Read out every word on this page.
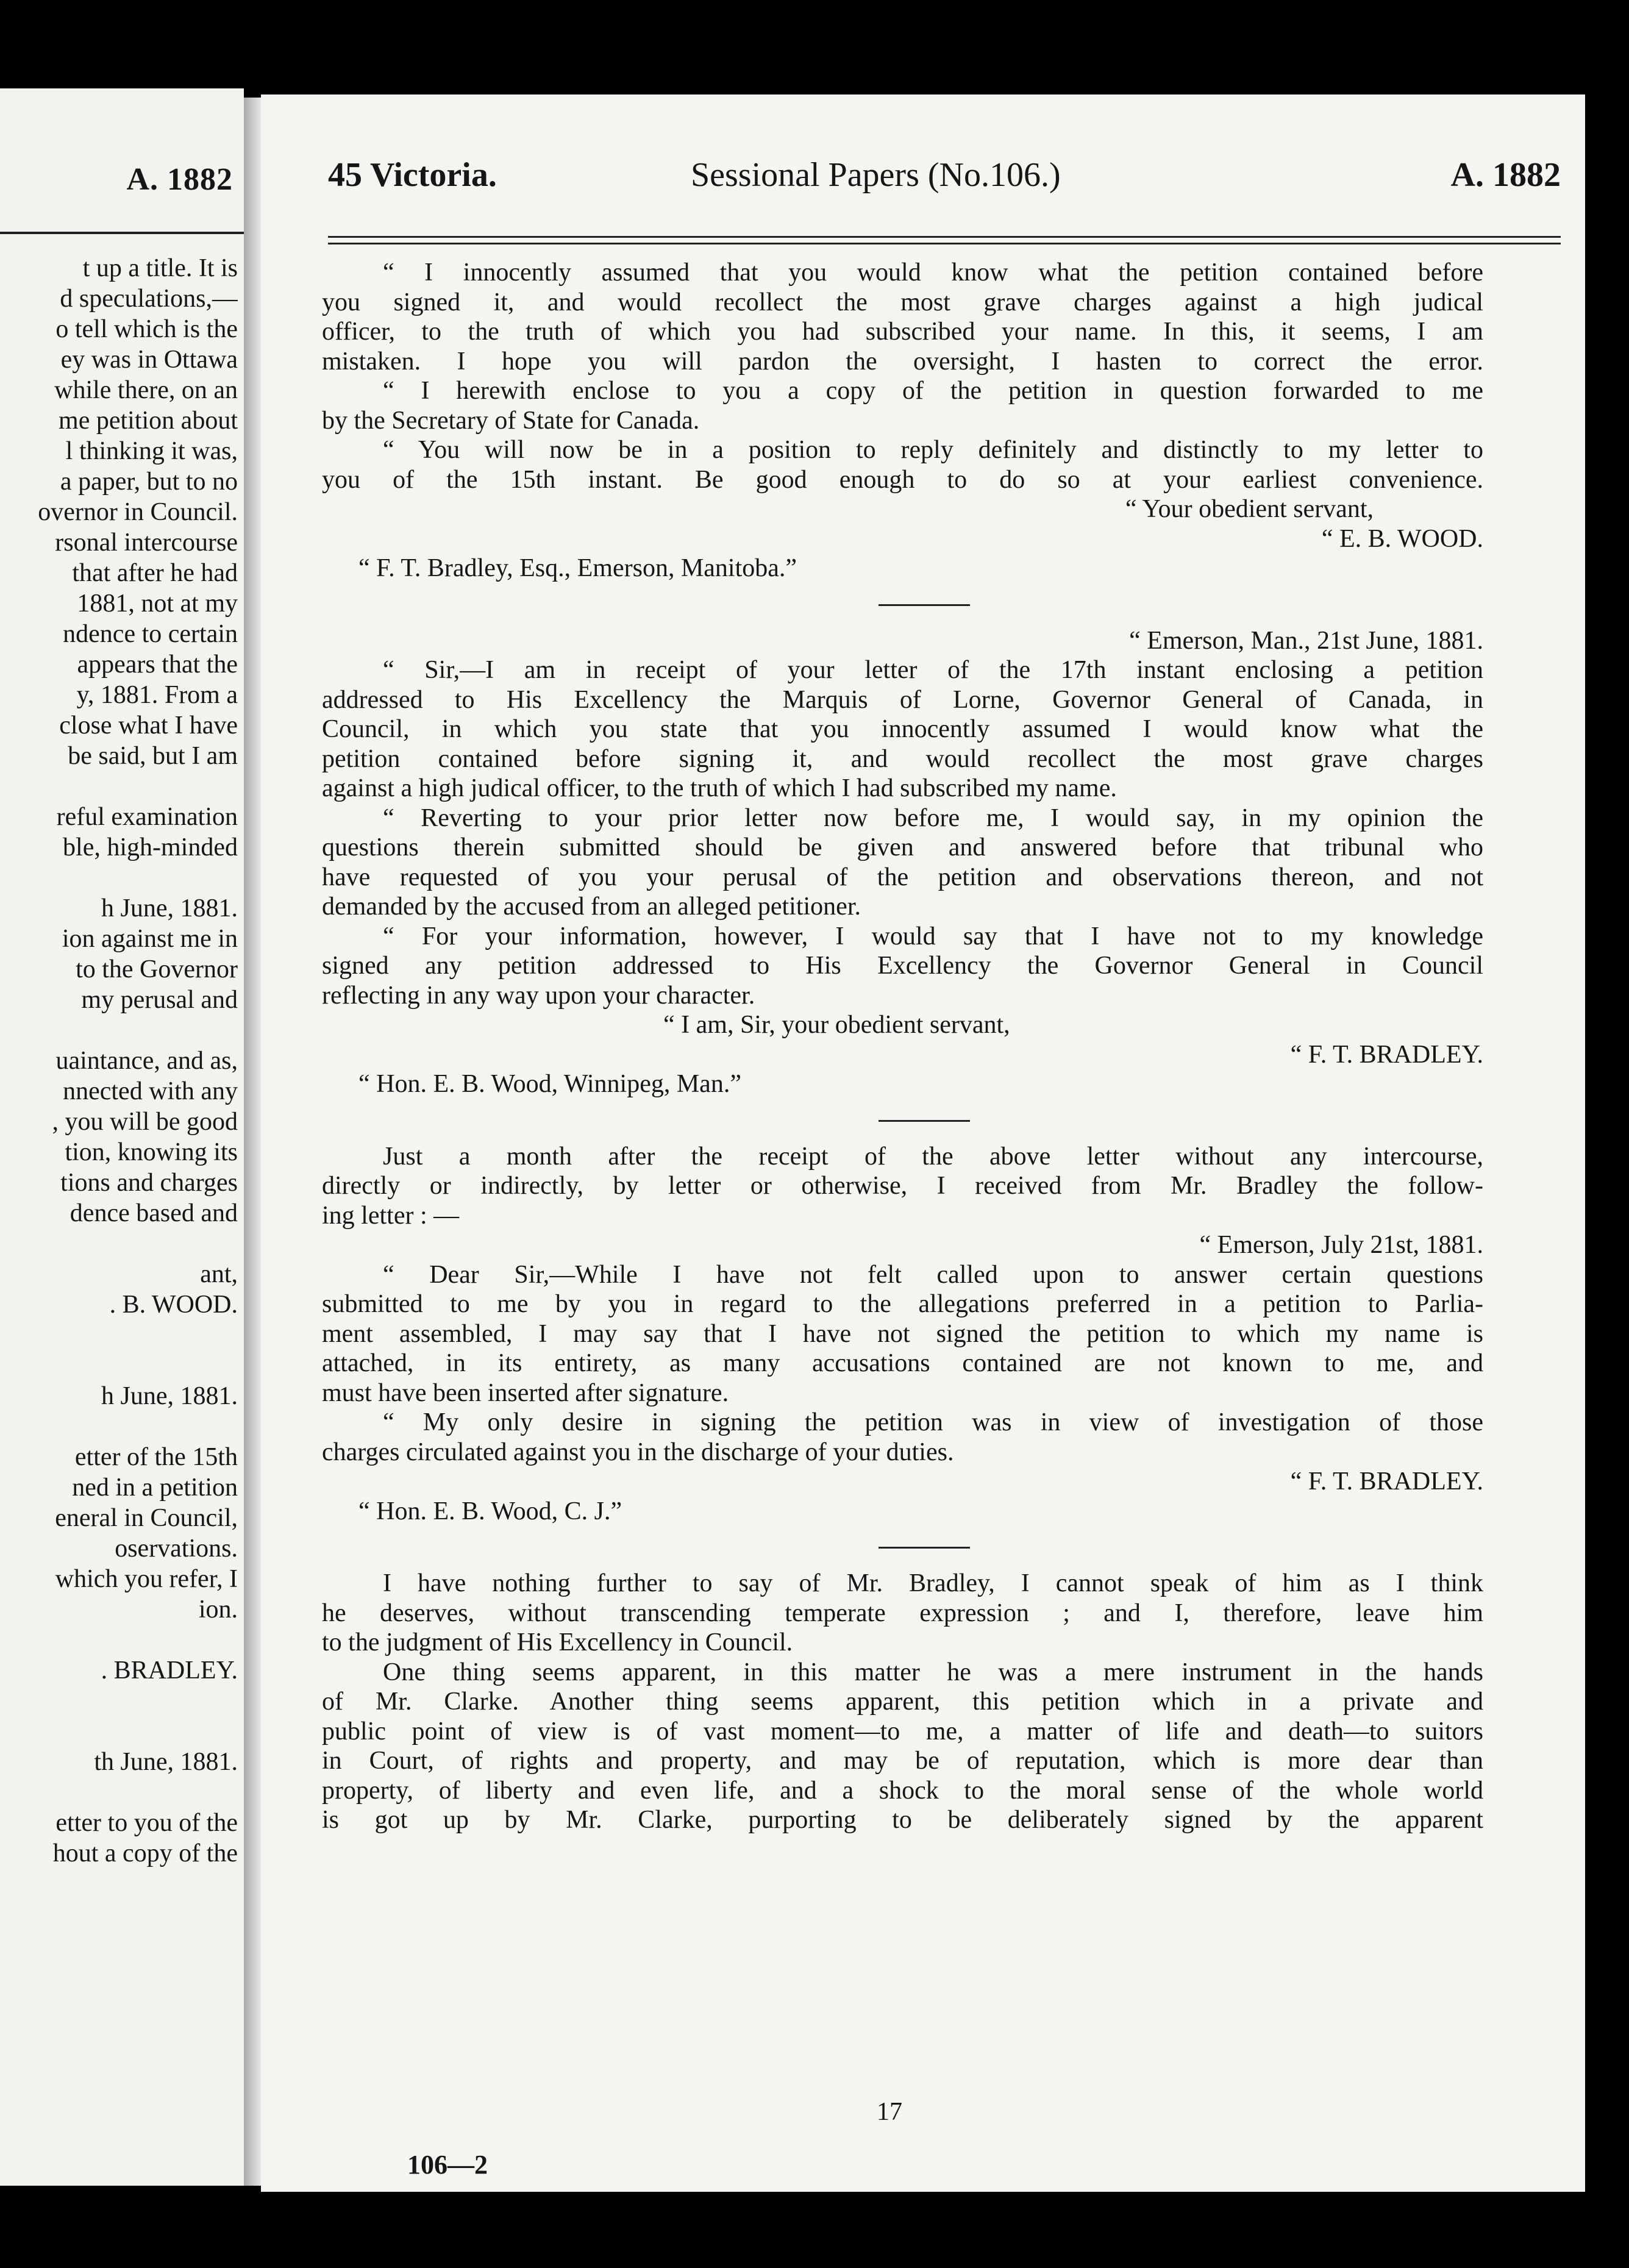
A. 1882
t up a title. It is
d speculations,—
o tell which is the
ey was in Ottawa
while there, on an
me petition about
l thinking it was,
a paper, but to no
overnor in Council.
rsonal intercourse
that after he had
1881, not at my
ndence to certain
appears that the
y, 1881. From a
close what I have
be said, but I am
reful examination
ble, high-minded
h June, 1881.
ion against me in
to the Governor
my perusal and
uaintance, and as,
nnected with any
, you will be good
tion, knowing its
tions and charges
dence based and
ant,
. B. WOOD.
h June, 1881.
etter of the 15th
ned in a petition
eneral in Council,
oservations.
which you refer, I
ion.
. BRADLEY.
th June, 1881.
etter to you of the
hout a copy of the
45 Victoria.	Sessional Papers (No.106.)	A. 1882
“ I innocently assumed that you would know what the petition contained before
you signed it, and would recollect the most grave charges against a high judical
officer, to the truth of which you had subscribed your name. In this, it seems, I am
mistaken. I hope you will pardon the oversight, I hasten to correct the error.
“ I herewith enclose to you a copy of the petition in question forwarded to me
by the Secretary of State for Canada.
“ You will now be in a position to reply definitely and distinctly to my letter to
you of the 15th instant. Be good enough to do so at your earliest convenience.
“ Your obedient servant,
“ E. B. WOOD.
“ F. T. Bradley, Esq., Emerson, Manitoba.”
“ Emerson, Man., 21st June, 1881.
“ Sir,—I am in receipt of your letter of the 17th instant enclosing a petition
addressed to His Excellency the Marquis of Lorne, Governor General of Canada, in
Council, in which you state that you innocently assumed I would know what the
petition contained before signing it, and would recollect the most grave charges
against a high judical officer, to the truth of which I had subscribed my name.
“ Reverting to your prior letter now before me, I would say, in my opinion the
questions therein submitted should be given and answered before that tribunal who
have requested of you your perusal of the petition and observations thereon, and not
demanded by the accused from an alleged petitioner.
“ For your information, however, I would say that I have not to my knowledge
signed any petition addressed to His Excellency the Governor General in Council
reflecting in any way upon your character.
“ I am, Sir, your obedient servant,
“ F. T. BRADLEY.
“ Hon. E. B. Wood, Winnipeg, Man.”
Just a month after the receipt of the above letter without any intercourse,
directly or indirectly, by letter or otherwise, I received from Mr. Bradley the follow-
ing letter : —
“ Emerson, July 21st, 1881.
“ Dear Sir,—While I have not felt called upon to answer certain questions
submitted to me by you in regard to the allegations preferred in a petition to Parlia-
ment assembled, I may say that I have not signed the petition to which my name is
attached, in its entirety, as many accusations contained are not known to me, and
must have been inserted after signature.
“ My only desire in signing the petition was in view of investigation of those
charges circulated against you in the discharge of your duties.
“ F. T. BRADLEY.
“ Hon. E. B. Wood, C. J.”
I have nothing further to say of Mr. Bradley, I cannot speak of him as I think
he deserves, without transcending temperate expression ; and I, therefore, leave him
to the judgment of His Excellency in Council.
One thing seems apparent, in this matter he was a mere instrument in the hands
of Mr. Clarke. Another thing seems apparent, this petition which in a private and
public point of view is of vast moment—to me, a matter of life and death—to suitors
in Court, of rights and property, and may be of reputation, which is more dear than
property, of liberty and even life, and a shock to the moral sense of the whole world
is got up by Mr. Clarke, purporting to be deliberately signed by the apparent
17
106—2
